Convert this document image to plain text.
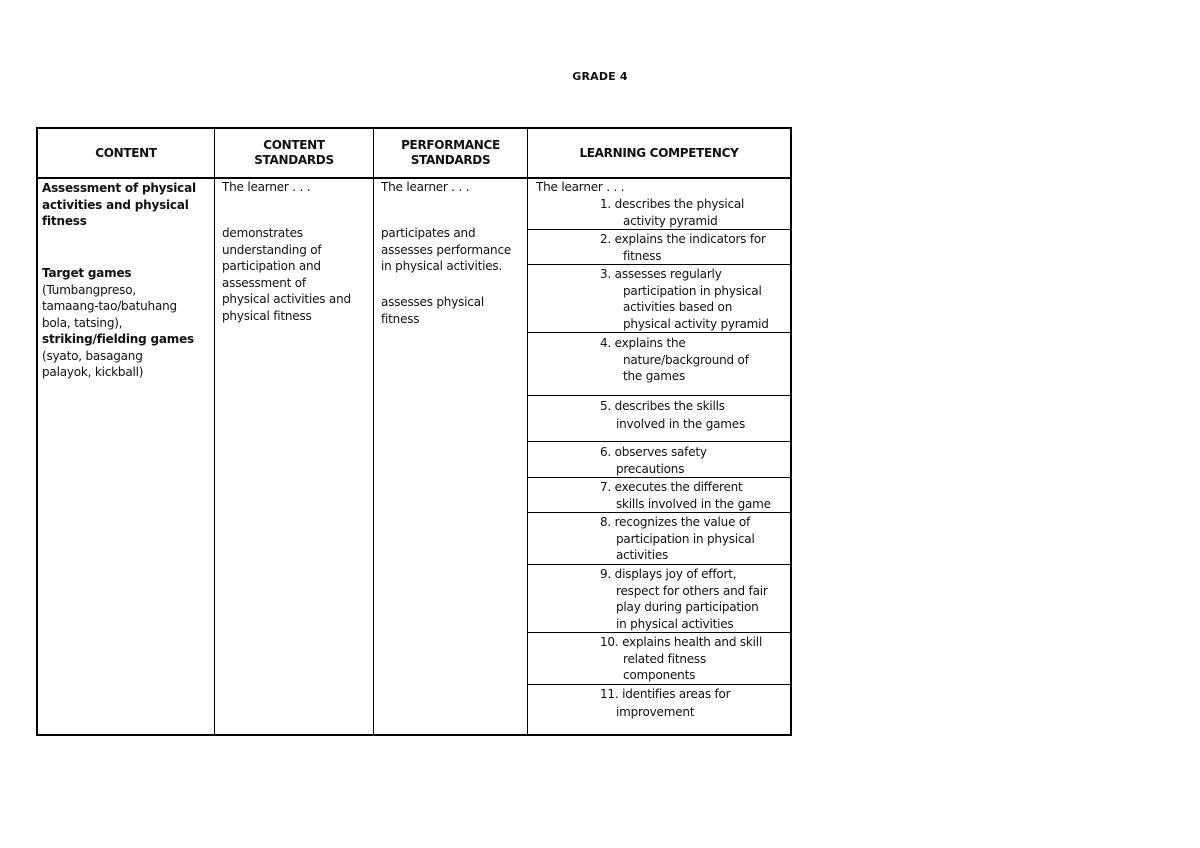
GRADE 4
CONTENT
CONTENT STANDARDS
PERFORMANCE STANDARDS
LEARNING COMPETENCY
Assessment of physical
activities and physical
fitness
Target games
(Tumbangpreso,
tamaang-tao/batuhang
bola, tatsing),
striking/fielding games
(syato, basagang
palayok, kickball)
The learner . . .
demonstrates
understanding of
participation and
assessment of
physical activities and
physical fitness
The learner . . .
participates and
assesses performance
in physical activities.
assesses physical
fitness
The learner . . .
1. describes the physical
activity pyramid
2. explains the indicators for
fitness
3. assesses regularly
participation in physical
activities based on
physical activity pyramid
4. explains the
nature/background of
the games
5. describes the skills
involved in the games
6. observes safety
precautions
7. executes the different
skills involved in the game
8. recognizes the value of
participation in physical
activities
9. displays joy of effort,
respect for others and fair
play during participation
in physical activities
10. explains health and skill
related fitness
components
11. identifies areas for
improvement
